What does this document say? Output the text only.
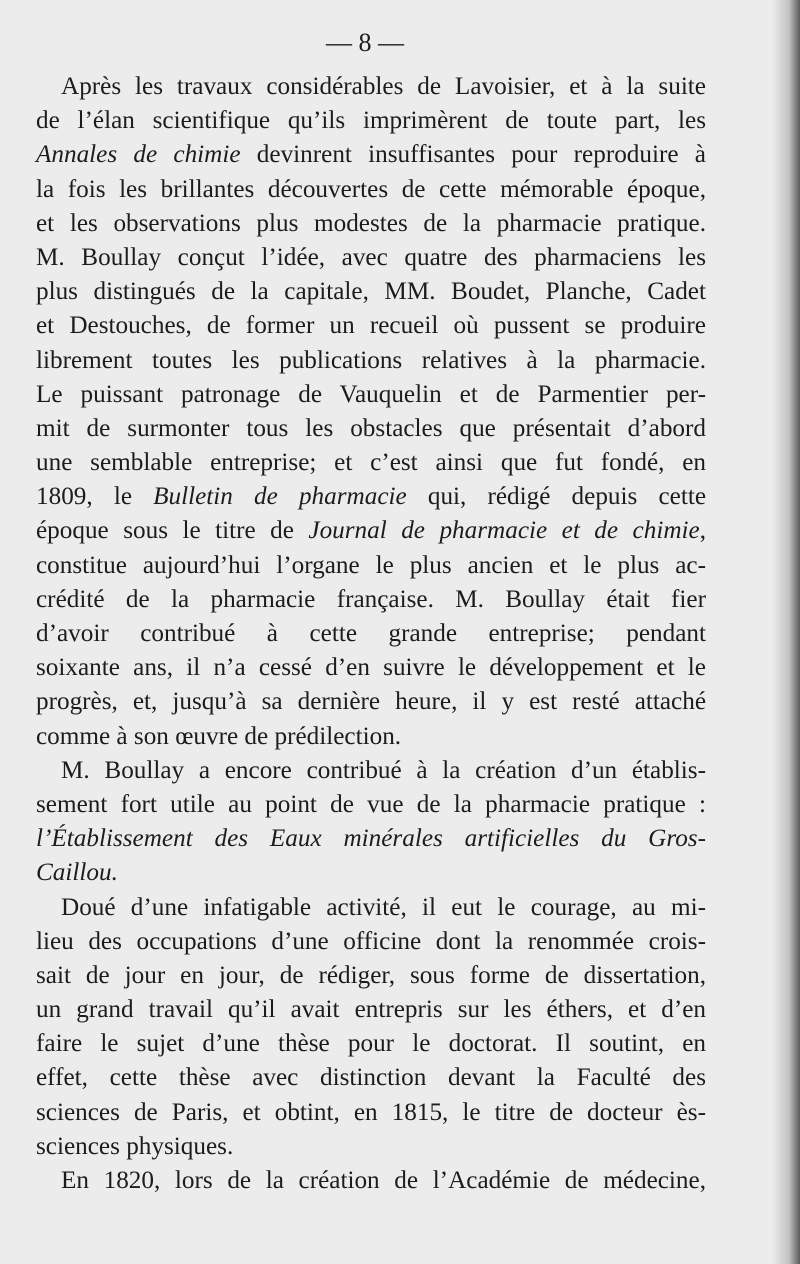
— 8 —
Après les travaux considérables de Lavoisier, et à la suite
de l’élan scientifique qu’ils imprimèrent de toute part, les
Annales de chimie devinrent insuffisantes pour reproduire à
la fois les brillantes découvertes de cette mémorable époque,
et les observations plus modestes de la pharmacie pratique.
M. Boullay conçut l’idée, avec quatre des pharmaciens les
plus distingués de la capitale, MM. Boudet, Planche, Cadet
et Destouches, de former un recueil où pussent se produire
librement toutes les publications relatives à la pharmacie.
Le puissant patronage de Vauquelin et de Parmentier per-
mit de surmonter tous les obstacles que présentait d’abord
une semblable entreprise; et c’est ainsi que fut fondé, en
1809, le Bulletin de pharmacie qui, rédigé depuis cette
époque sous le titre de Journal de pharmacie et de chimie,
constitue aujourd’hui l’organe le plus ancien et le plus ac-
crédité de la pharmacie française. M. Boullay était fier
d’avoir contribué à cette grande entreprise; pendant
soixante ans, il n’a cessé d’en suivre le développement et le
progrès, et, jusqu’à sa dernière heure, il y est resté attaché
comme à son œuvre de prédilection.
M. Boullay a encore contribué à la création d’un établis-
sement fort utile au point de vue de la pharmacie pratique :
l’Établissement des Eaux minérales artificielles du Gros-
Caillou.
Doué d’une infatigable activité, il eut le courage, au mi-
lieu des occupations d’une officine dont la renommée crois-
sait de jour en jour, de rédiger, sous forme de dissertation,
un grand travail qu’il avait entrepris sur les éthers, et d’en
faire le sujet d’une thèse pour le doctorat. Il soutint, en
effet, cette thèse avec distinction devant la Faculté des
sciences de Paris, et obtint, en 1815, le titre de docteur ès-
sciences physiques.
En 1820, lors de la création de l’Académie de médecine,
